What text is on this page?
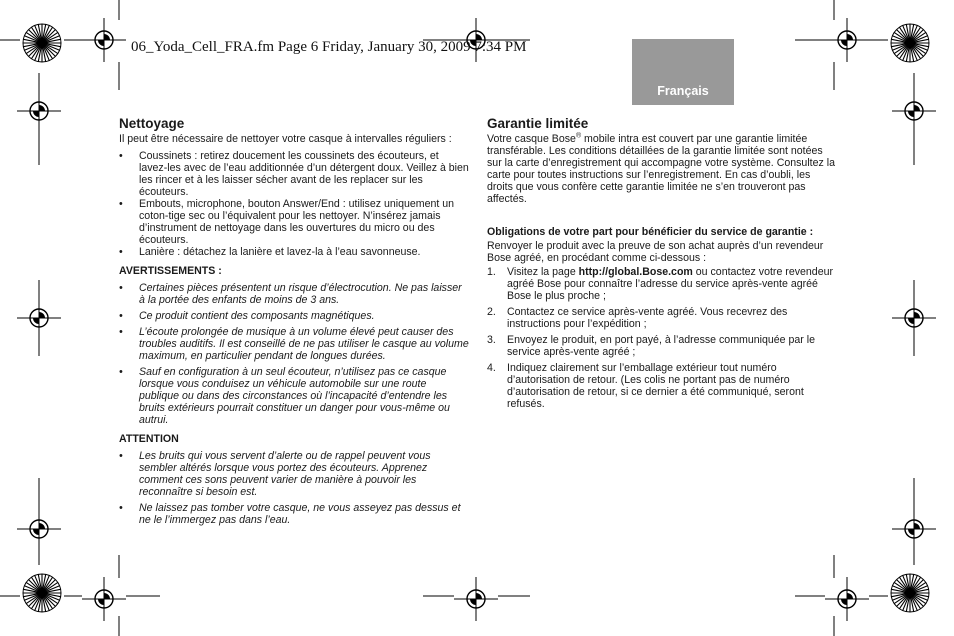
06_Yoda_Cell_FRA.fm Page 6 Friday, January 30, 2009 7:34 PM
Français
Nettoyage

Il peut être nécessaire de nettoyer votre casque à intervalles réguliers :

• Coussinets : retirez doucement les coussinets des écouteurs, et lavez-les avec de l’eau additionnée d’un détergent doux. Veillez à bien les rincer et à les laisser sécher avant de les replacer sur les écouteurs.
• Embouts, microphone, bouton Answer/End : utilisez uniquement un coton-tige sec ou l’équivalent pour les nettoyer. N’insérez jamais d’instrument de nettoyage dans les ouvertures du micro ou des écouteurs.
• Lanière : détachez la lanière et lavez-la à l’eau savonneuse.

AVERTISSEMENTS :

• Certaines pièces présentent un risque d’électrocution. Ne pas laisser à la portée des enfants de moins de 3 ans.
• Ce produit contient des composants magnétiques.
• L’écoute prolongée de musique à un volume élevé peut causer des troubles auditifs. Il est conseillé de ne pas utiliser le casque au volume maximum, en particulier pendant de longues durées.
• Sauf en configuration à un seul écouteur, n’utilisez pas ce casque lorsque vous conduisez un véhicule automobile sur une route publique ou dans des circonstances où l’incapacité d’entendre les bruits extérieurs pourrait constituer un danger pour vous-même ou autrui.

ATTENTION

• Les bruits qui vous servent d’alerte ou de rappel peuvent vous sembler altérés lorsque vous portez des écouteurs. Apprenez comment ces sons peuvent varier de manière à pouvoir les reconnaître si besoin est.
• Ne laissez pas tomber votre casque, ne vous asseyez pas dessus et ne le l’immergez pas dans l’eau.
Garantie limitée

Votre casque Bose® mobile intra est couvert par une garantie limitée transférable. Les conditions détaillées de la garantie limitée sont notées sur la carte d’enregistrement qui accompagne votre système. Consultez la carte pour toutes instructions sur l’enregistrement. En cas d’oubli, les droits que vous confère cette garantie limitée ne s’en trouveront pas affectés.

Obligations de votre part pour bénéficier du service de garantie :

Renvoyer le produit avec la preuve de son achat auprès d’un revendeur Bose agréé, en procédant comme ci-dessous :

1. Visitez la page http://global.Bose.com ou contactez votre revendeur agréé Bose pour connaître l’adresse du service après-vente agréé Bose le plus proche ;
2. Contactez ce service après-vente agréé. Vous recevrez des instructions pour l’expédition ;
3. Envoyez le produit, en port payé, à l’adresse communiquée par le service après-vente agréé ;
4. Indiquez clairement sur l’emballage extérieur tout numéro d’autorisation de retour. (Les colis ne portant pas de numéro d’autorisation de retour, si ce dernier a été communiqué, seront refusés.
